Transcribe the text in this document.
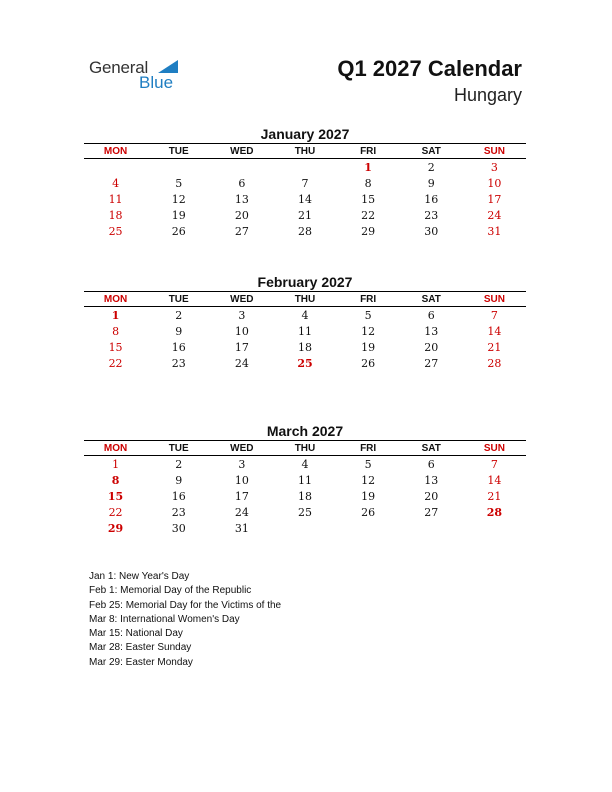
General
Blue
Q1 2027 Calendar
Hungary
January 2027
MON	TUE	WED	THU	FRI	SAT	SUN
				1	2	3
4	5	6	7	8	9	10
11	12	13	14	15	16	17
18	19	20	21	22	23	24
25	26	27	28	29	30	31
February 2027
MON	TUE	WED	THU	FRI	SAT	SUN
1	2	3	4	5	6	7
8	9	10	11	12	13	14
15	16	17	18	19	20	21
22	23	24	25	26	27	28
March 2027
MON	TUE	WED	THU	FRI	SAT	SUN
1	2	3	4	5	6	7
8	9	10	11	12	13	14
15	16	17	18	19	20	21
22	23	24	25	26	27	28
29	30	31				
Jan 1: New Year's Day
Feb 1: Memorial Day of the Republic
Feb 25: Memorial Day for the Victims of the
Mar 8: International Women's Day
Mar 15: National Day
Mar 28: Easter Sunday
Mar 29: Easter Monday
